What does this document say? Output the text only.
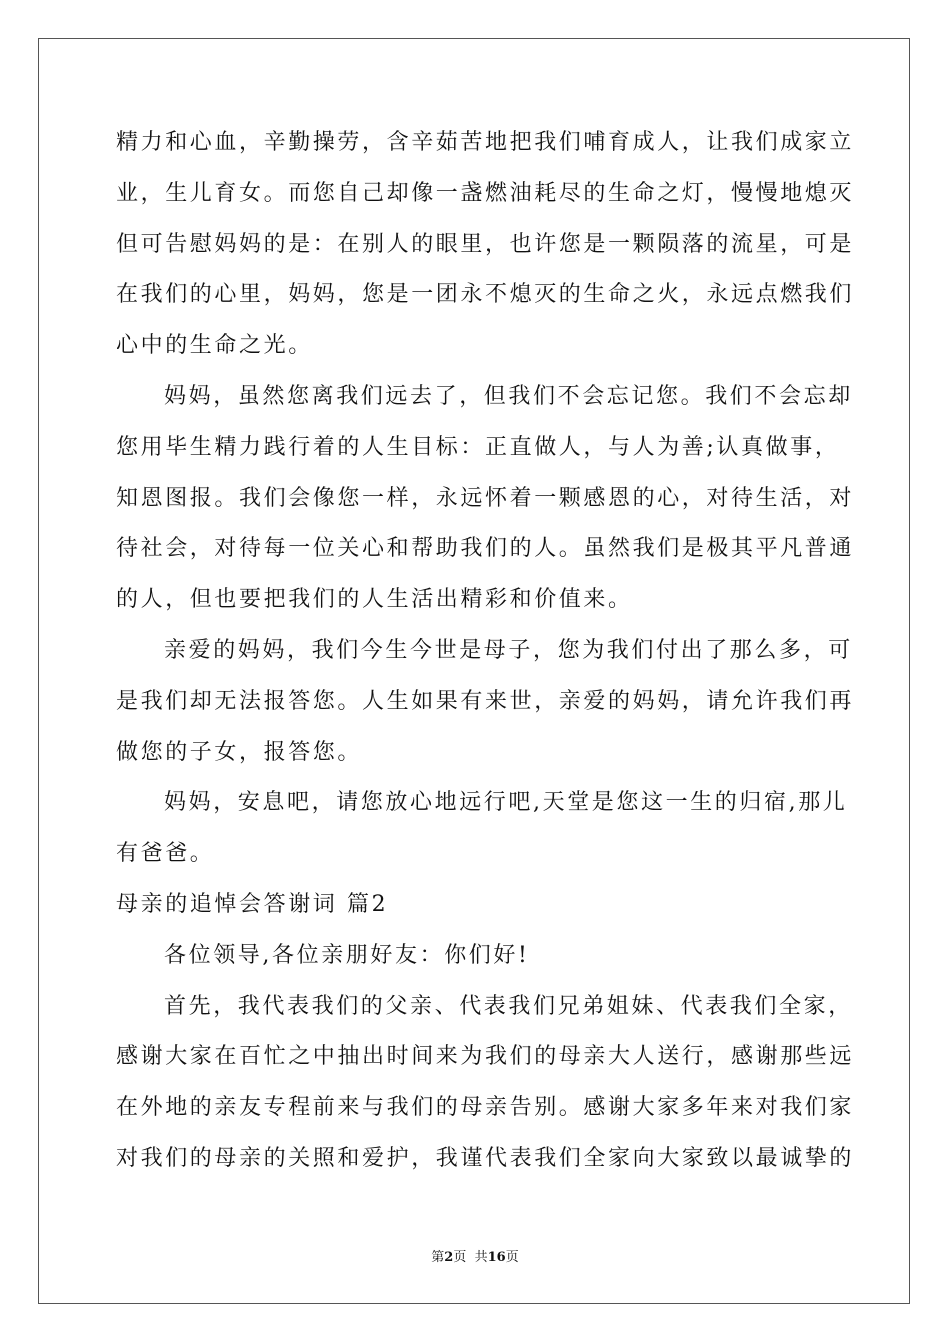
精力和心血，辛勤操劳，含辛茹苦地把我们哺育成人，让我们成家立
业，生儿育女。而您自己却像一盏燃油耗尽的生命之灯，慢慢地熄灭
但可告慰妈妈的是：在别人的眼里，也许您是一颗陨落的流星，可是
在我们的心里，妈妈，您是一团永不熄灭的生命之火，永远点燃我们
心中的生命之光。
妈妈，虽然您离我们远去了，但我们不会忘记您。我们不会忘却
您用毕生精力践行着的人生目标：正直做人，与人为善;认真做事，
知恩图报。我们会像您一样，永远怀着一颗感恩的心，对待生活，对
待社会，对待每一位关心和帮助我们的人。虽然我们是极其平凡普通
的人，但也要把我们的人生活出精彩和价值来。
亲爱的妈妈，我们今生今世是母子，您为我们付出了那么多，可
是我们却无法报答您。人生如果有来世，亲爱的妈妈，请允许我们再
做您的子女，报答您。
妈妈，安息吧，请您放心地远行吧,天堂是您这一生的归宿,那儿
有爸爸。
母亲的追悼会答谢词 篇2
各位领导,各位亲朋好友：你们好!
首先，我代表我们的父亲、代表我们兄弟姐妹、代表我们全家，
感谢大家在百忙之中抽出时间来为我们的母亲大人送行，感谢那些远
在外地的亲友专程前来与我们的母亲告别。感谢大家多年来对我们家
对我们的母亲的关照和爱护，我谨代表我们全家向大家致以最诚挚的
第2页  共16页
